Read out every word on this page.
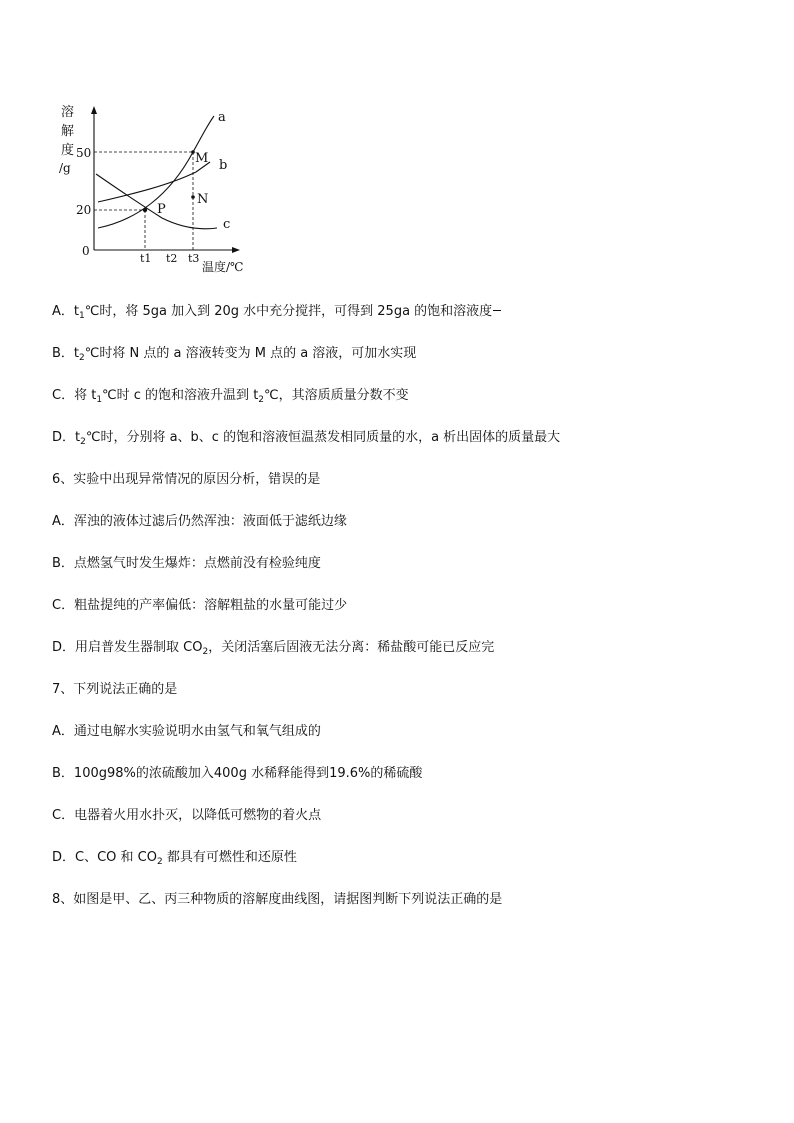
溶
解
度
/g
50
20
0
a
b
c
M
N
P
t1 t2 t3
温度/℃
A．$t_1℃$时，将 5ga 加入到 20g 水中充分搅拌，可得到 25ga 的饱和溶液度
B．$t_2℃$时将 N 点的 a 溶液转变为 M 点的 a 溶液，可加水实现
C．将 $t_1℃$时 c 的饱和溶液升温到 $t_2℃$，其溶质质量分数不变
D．$t_2℃$时，分别将 a、b、c 的饱和溶液恒温蒸发相同质量的水，a 析出固体的质量最大
6、实验中出现异常情况的原因分析，错误的是
A．浑浊的液体过滤后仍然浑浊：液面低于滤纸边缘
B．点燃氢气时发生爆炸：点燃前没有检验纯度
C．粗盐提纯的产率偏低：溶解粗盐的水量可能过少
D．用启普发生器制取 $CO_2$，关闭活塞后固液无法分离：稀盐酸可能已反应完
7、下列说法正确的是
A．通过电解水实验说明水由氢气和氧气组成的
B．100g98%的浓硫酸加入400g 水稀释能得到19.6%的稀硫酸
C．电器着火用水扑灭，以降低可燃物的着火点
D．C、CO 和 $CO_2$ 都具有可燃性和还原性
8、如图是甲、乙、丙三种物质的溶解度曲线图，请据图判断下列说法正确的是
